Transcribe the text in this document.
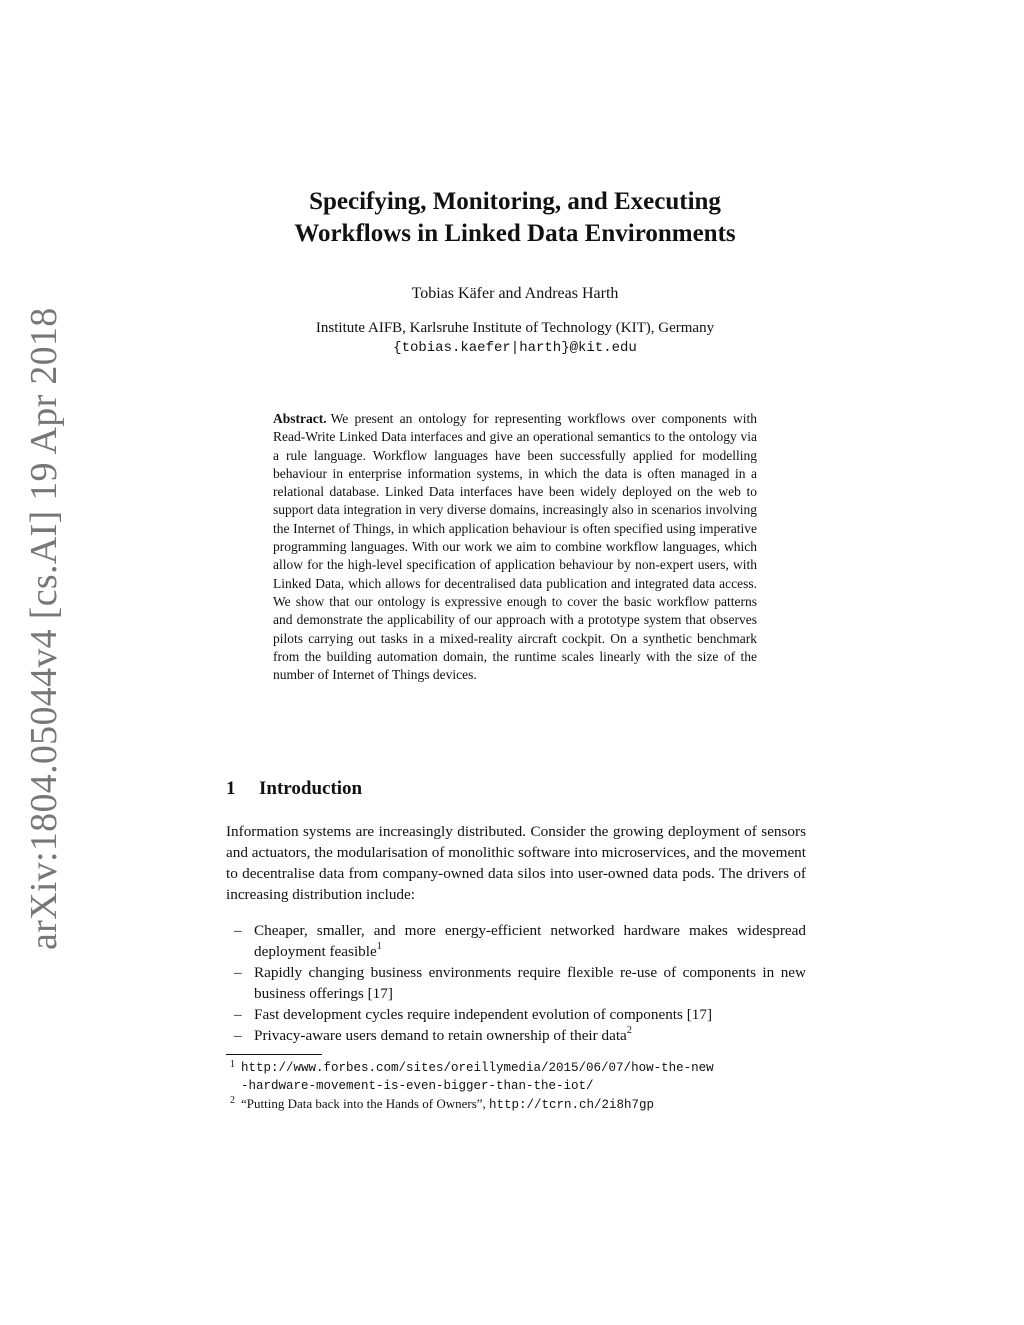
arXiv:1804.05044v4 [cs.AI] 19 Apr 2018
Specifying, Monitoring, and Executing
Workflows in Linked Data Environments
Tobias Käfer and Andreas Harth
Institute AIFB, Karlsruhe Institute of Technology (KIT), Germany
{tobias.kaefer|harth}@kit.edu
Abstract. We present an ontology for representing workflows over components with Read-Write Linked Data interfaces and give an operational semantics to the ontology via a rule language. Workflow languages have been successfully applied for modelling behaviour in enterprise information systems, in which the data is often managed in a relational database. Linked Data interfaces have been widely deployed on the web to support data integration in very diverse domains, increasingly also in scenarios involving the Internet of Things, in which application behaviour is often specified using imperative programming languages. With our work we aim to combine workflow languages, which allow for the high-level specification of application behaviour by non-expert users, with Linked Data, which allows for decentralised data publication and integrated data access. We show that our ontology is expressive enough to cover the basic workflow patterns and demonstrate the applicability of our approach with a prototype system that observes pilots carrying out tasks in a mixed-reality aircraft cockpit. On a synthetic benchmark from the building automation domain, the runtime scales linearly with the size of the number of Internet of Things devices.
1 Introduction
Information systems are increasingly distributed. Consider the growing deployment of sensors and actuators, the modularisation of monolithic software into microservices, and the movement to decentralise data from company-owned data silos into user-owned data pods. The drivers of increasing distribution include:
– Cheaper, smaller, and more energy-efficient networked hardware makes widespread deployment feasible$^1$
– Rapidly changing business environments require flexible re-use of components in new business offerings [17]
– Fast development cycles require independent evolution of components [17]
– Privacy-aware users demand to retain ownership of their data$^2$
1 http://www.forbes.com/sites/oreillymedia/2015/06/07/how-the-new
-hardware-movement-is-even-bigger-than-the-iot/
2 “Putting Data back into the Hands of Owners”, http://tcrn.ch/2i8h7gp
